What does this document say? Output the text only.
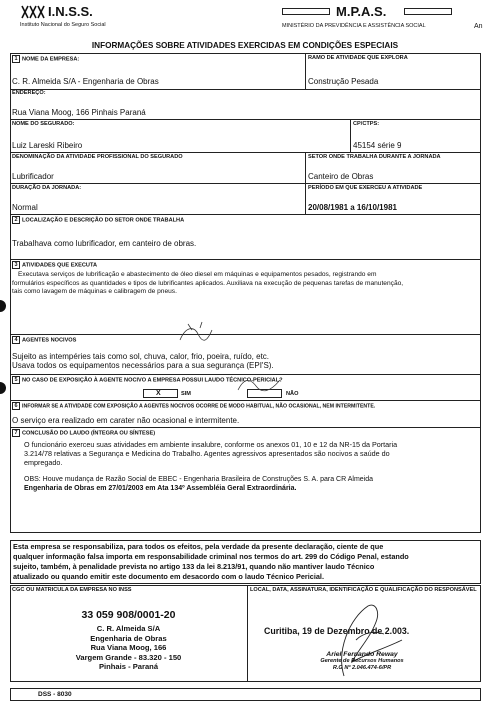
I.N.S.S.
Instituto Nacional do Seguro Social
M.P.A.S.
MINISTÉRIO DA PREVIDÊNCIA E ASSISTÊNCIA SOCIAL	An
INFORMAÇÕES SOBRE ATIVIDADES EXERCIDAS EM CONDIÇÕES ESPECIAIS
1 NOME DA EMPRESA:
C. R. Almeida S/A - Engenharia de Obras
RAMO DE ATIVIDADE QUE EXPLORA
Construção Pesada
ENDEREÇO:
Rua Viana Moog, 166 Pinhais Paraná
NOME DO SEGURADO:
Luiz Lareski Ribeiro
CP/CTPS:
45154 série 9
DENOMINAÇÃO DA ATIVIDADE PROFISSIONAL DO SEGURADO
Lubrificador
SETOR ONDE TRABALHA DURANTE A JORNADA
Canteiro de Obras
DURAÇÃO DA JORNADA:
Normal
PERÍODO EM QUE EXERCEU A ATIVIDADE
20/08/1981 a 16/10/1981
2 LOCALIZAÇÃO E DESCRIÇÃO DO SETOR ONDE TRABALHA
Trabalhava como lubrificador, em canteiro de obras.
3 ATIVIDADES QUE EXECUTA
Executava serviços de lubrificação e abastecimento de óleo diesel em máquinas e equipamentos pesados, registrando em
formulários específicos as quantidades e tipos de lubrificantes aplicados. Auxiliava na execução de pequenas tarefas de manutenção,
tais como lavagem de máquinas e calibragem de pneus.
4 AGENTES NOCIVOS
Sujeito as intempéries tais como sol, chuva, calor, frio, poeira, ruído, etc.
Usava todos os equipamentos necessários para a sua segurança (EPI'S).
5 NO CASO DE EXPOSIÇÃO À AGENTE NOCIVO A EMPRESA POSSUI LAUDO TÉCNICO-PERICIAL?
X	SIM	NÃO
6 INFORMAR SE A ATIVIDADE COM EXPOSIÇÃO A AGENTES NOCIVOS OCORRE DE MODO HABITUAL, NÃO OCASIONAL, NEM INTERMITENTE.
O serviço era realizado em carater não ocasional e intermitente.
7 CONCLUSÃO DO LAUDO (ÍNTEGRA OU SÍNTESE)
O funcionário exerceu suas atividades em ambiente insalubre, conforme os anexos 01, 10 e 12 da NR-15 da Portaria
3.214/78 relativas a Segurança e Medicina do Trabalho. Agentes agressivos apresentados são nocivos a saúde do
empregado.
OBS: Houve mudança de Razão Social de EBEC - Engenharia Brasileira de Construções S. A. para CR Almeida
Engenharia de Obras em 27/01/2003 em Ata 134º Assembléia Geral Extraordinária.
Esta empresa se responsabiliza, para todos os efeitos, pela verdade da presente declaração, ciente de que
qualquer informação falsa importa em responsabilidade criminal nos termos do art. 299 do Código Penal, estando
sujeito, também, à penalidade prevista no artigo 133 da lei 8.213/91, quando não mantiver laudo Técnico
atualizado ou quando emitir este documento em desacordo com o laudo Técnico Pericial.
CGC OU MATRICULA DA EMPRESA NO INSS
33 059 908/0001-20
C. R. Almeida S/A
Engenharia de Obras
Rua Viana Moog, 166
Vargem Grande - 83.320 - 150
Pinhais - Paraná
LOCAL, DATA, ASSINATURA, IDENTIFICAÇÃO E QUALIFICAÇÃO DO RESPONSÁVEL
Curitiba, 19 de Dezembro de 2.003.
Ariel Fernando Reway
Gerente de Recursos Humanos
R.G Nº 2.046.474-6/PR
DSS - 8030
